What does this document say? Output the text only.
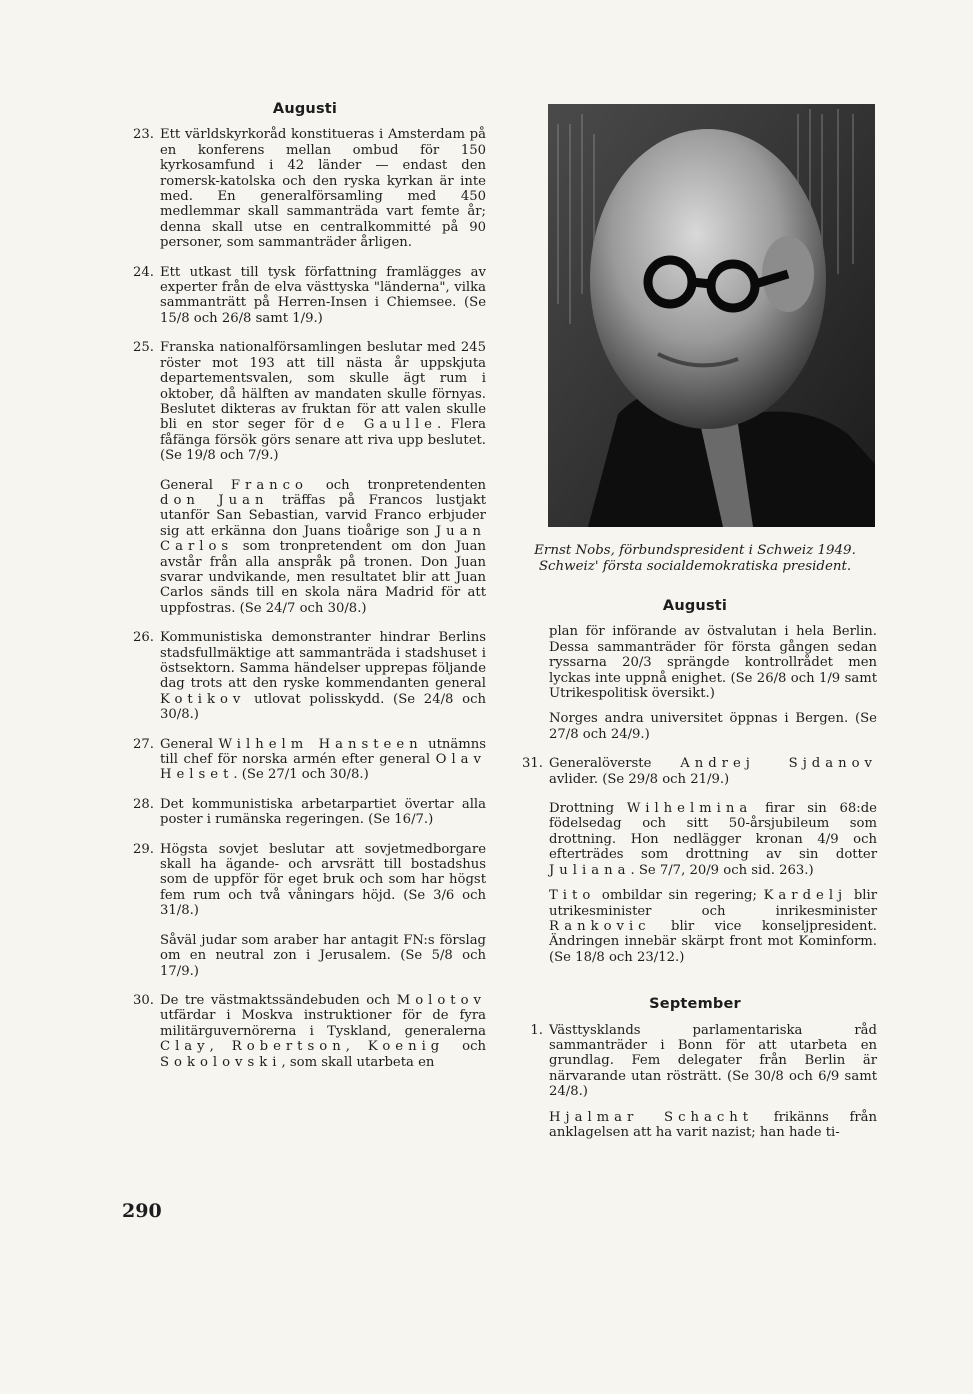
Augusti
23. Ett världskyrkoråd konstitueras i Amsterdam på en konferens mellan ombud för 150 kyrkosamfund i 42 länder — endast den romersk-katolska och den ryska kyrkan är inte med. En generalförsamling med 450 medlemmar skall sammanträda vart femte år; denna skall utse en centralkommitté på 90 personer, som sammanträder årligen.
24. Ett utkast till tysk författning framlägges av experter från de elva västtyska "länderna", vilka sammanträtt på Herren-Insen i Chiemsee. (Se 15/8 och 26/8 samt 1/9.)
25. Franska nationalförsamlingen beslutar med 245 röster mot 193 att till nästa år uppskjuta departementsvalen, som skulle ägt rum i oktober, då hälften av mandaten skulle förnyas. Beslutet dikteras av fruktan för att valen skulle bli en stor seger för de Gaulle. Flera fåfänga försök görs senare att riva upp beslutet. (Se 19/8 och 7/9.)
General Franco och tronpretendenten don Juan träffas på Francos lustjakt utanför San Sebastian, varvid Franco erbjuder sig att erkänna don Juans tioårige son Juan Carlos som tronpretendent om don Juan avstår från alla anspråk på tronen. Don Juan svarar undvikande, men resultatet blir att Juan Carlos sänds till en skola nära Madrid för att uppfostras. (Se 24/7 och 30/8.)
26. Kommunistiska demonstranter hindrar Berlins stadsfullmäktige att sammanträda i stadshuset i östsektorn. Samma händelser upprepas följande dag trots att den ryske kommendanten general Kotikov utlovat polisskydd. (Se 24/8 och 30/8.)
27. General Wilhelm Hansteen utnämns till chef för norska armén efter general Olav Helset. (Se 27/1 och 30/8.)
28. Det kommunistiska arbetarpartiet övertar alla poster i rumänska regeringen. (Se 16/7.)
29. Högsta sovjet beslutar att sovjetmedborgare skall ha ägande- och arvsrätt till bostadshus som de uppför för eget bruk och som har högst fem rum och två våningars höjd. (Se 3/6 och 31/8.)
Såväl judar som araber har antagit FN:s förslag om en neutral zon i Jerusalem. (Se 5/8 och 17/9.)
30. De tre västmaktssändebuden och Molotov utfärdar i Moskva instruktioner för de fyra militärguvernörerna i Tyskland, generalerna Clay, Robertson, Koenig och Sokolovski, som skall utarbeta en
Ernst Nobs, förbundspresident i Schweiz 1949.
Schweiz' första socialdemokratiska president.
Augusti
plan för införande av östvalutan i hela Berlin. Dessa sammanträder för första gången sedan ryssarna 20/3 sprängde kontrollrådet men lyckas inte uppnå enighet. (Se 26/8 och 1/9 samt Utrikespolitisk översikt.)
Norges andra universitet öppnas i Bergen. (Se 27/8 och 24/9.)
31. Generalöverste Andrej Sjdanov avlider. (Se 29/8 och 21/9.)
Drottning Wilhelmina firar sin 68:de födelsedag och sitt 50-årsjubileum som drottning. Hon nedlägger kronan 4/9 och efterträdes som drottning av sin dotter Juliana. Se 7/7, 20/9 och sid. 263.)
Tito ombildar sin regering; Kardelj blir utrikesminister och inrikesminister Rankovic blir vice konseljpresident. Ändringen innebär skärpt front mot Kominform. (Se 18/8 och 23/12.)
September
1. Västtysklands parlamentariska råd sammanträder i Bonn för att utarbeta en grundlag. Fem delegater från Berlin är närvarande utan rösträtt. (Se 30/8 och 6/9 samt 24/8.)
Hjalmar Schacht frikänns från anklagelsen att ha varit nazist; han hade ti-
290
